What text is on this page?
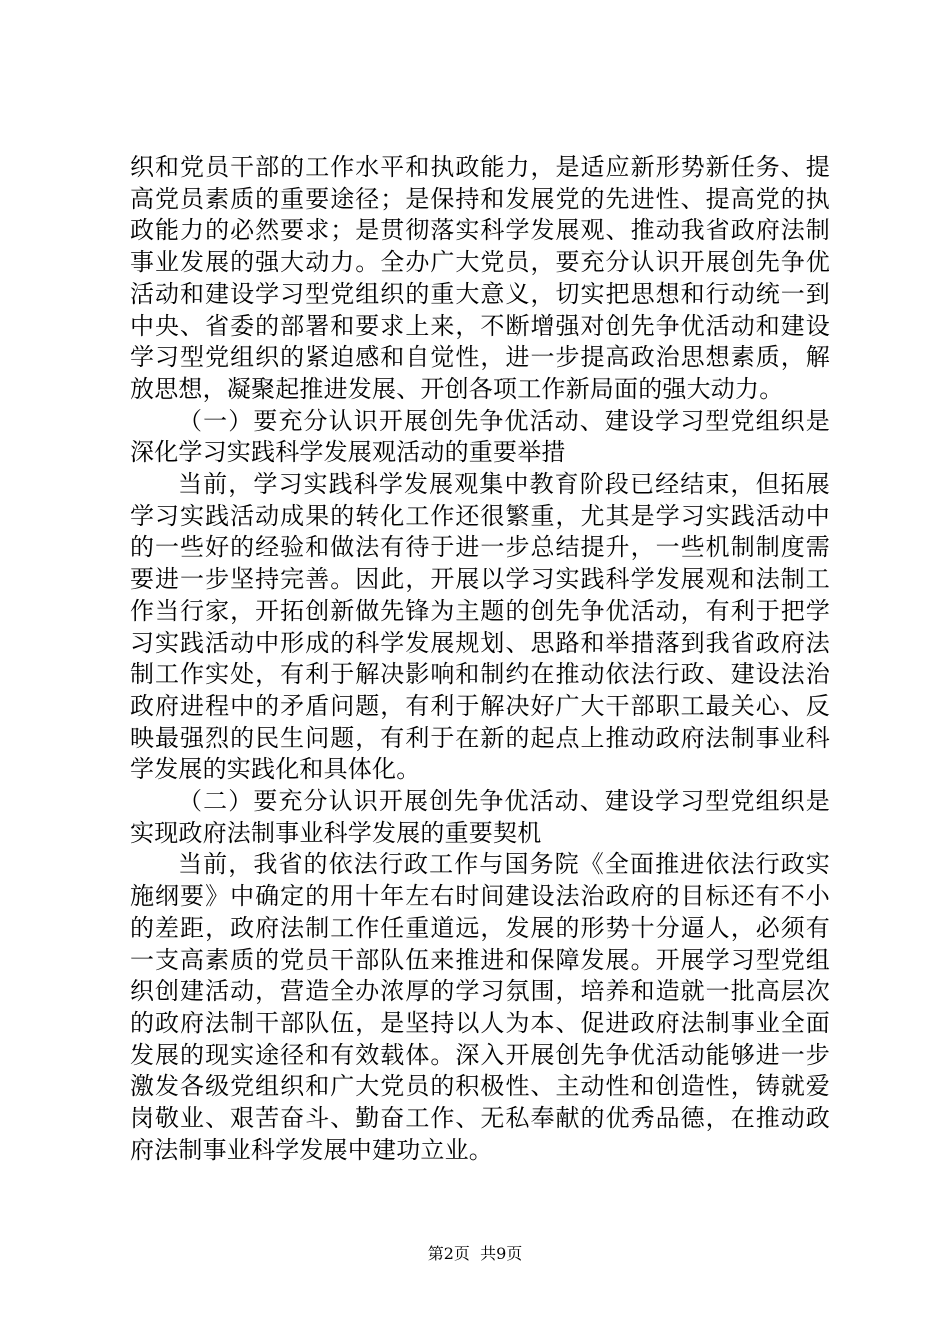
织和党员干部的工作水平和执政能力，是适应新形势新任务、提高党员素质的重要途径；是保持和发展党的先进性、提高党的执政能力的必然要求；是贯彻落实科学发展观、推动我省政府法制事业发展的强大动力。全办广大党员，要充分认识开展创先争优活动和建设学习型党组织的重大意义，切实把思想和行动统一到中央、省委的部署和要求上来，不断增强对创先争优活动和建设学习型党组织的紧迫感和自觉性，进一步提高政治思想素质，解放思想，凝聚起推进发展、开创各项工作新局面的强大动力。

（一）要充分认识开展创先争优活动、建设学习型党组织是深化学习实践科学发展观活动的重要举措

当前，学习实践科学发展观集中教育阶段已经结束，但拓展学习实践活动成果的转化工作还很繁重，尤其是学习实践活动中的一些好的经验和做法有待于进一步总结提升，一些机制制度需要进一步坚持完善。因此，开展以学习实践科学发展观和法制工作当行家，开拓创新做先锋为主题的创先争优活动，有利于把学习实践活动中形成的科学发展规划、思路和举措落到我省政府法制工作实处，有利于解决影响和制约在推动依法行政、建设法治政府进程中的矛盾问题，有利于解决好广大干部职工最关心、反映最强烈的民生问题，有利于在新的起点上推动政府法制事业科学发展的实践化和具体化。

（二）要充分认识开展创先争优活动、建设学习型党组织是实现政府法制事业科学发展的重要契机

当前，我省的依法行政工作与国务院《全面推进依法行政实施纲要》中确定的用十年左右时间建设法治政府的目标还有不小的差距，政府法制工作任重道远，发展的形势十分逼人，必须有一支高素质的党员干部队伍来推进和保障发展。开展学习型党组织创建活动，营造全办浓厚的学习氛围，培养和造就一批高层次的政府法制干部队伍，是坚持以人为本、促进政府法制事业全面发展的现实途径和有效载体。深入开展创先争优活动能够进一步激发各级党组织和广大党员的积极性、主动性和创造性，铸就爱岗敬业、艰苦奋斗、勤奋工作、无私奉献的优秀品德，在推动政府法制事业科学发展中建功立业。

第2页 共9页
